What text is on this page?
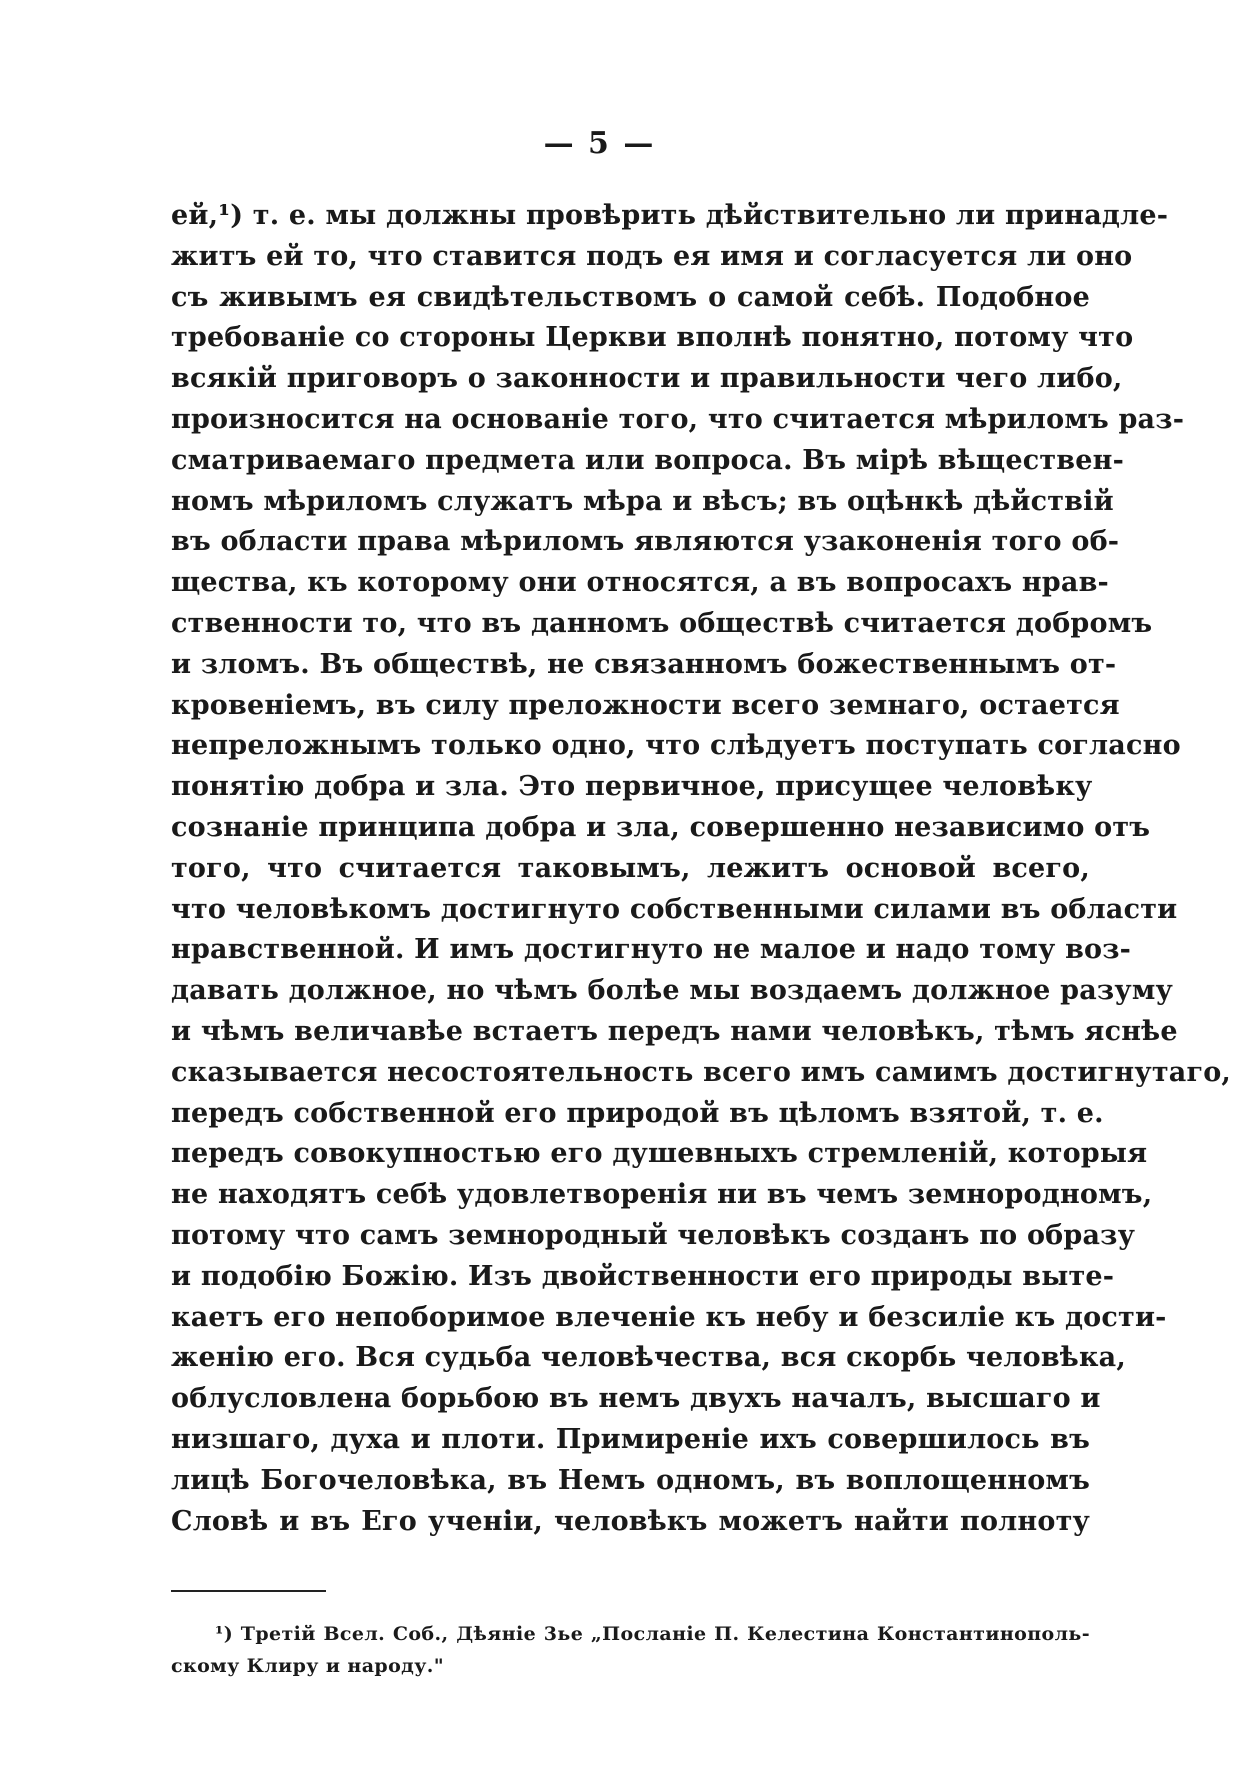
— 5 —
ей,¹) т. е. мы должны провѣрить дѣйствительно ли принадле-
житъ ей то, что ставится подъ ея имя и согласуется ли оно
съ живымъ ея свидѣтельствомъ о самой себѣ. Подобное
требованіе со стороны Церкви вполнѣ понятно, потому что
всякій приговоръ о законности и правильности чего либо,
произносится на основаніе того, что считается мѣриломъ раз-
сматриваемаго предмета или вопроса. Въ мірѣ вѣществен-
номъ мѣриломъ служатъ мѣра и вѣсъ; въ оцѣнкѣ дѣйствій
въ области права мѣриломъ являются узаконенія того об-
щества, къ которому они относятся, а въ вопросахъ нрав-
ственности то, что въ данномъ обществѣ считается добромъ
и зломъ. Въ обществѣ, не связанномъ божественнымъ от-
кровеніемъ, въ силу преложности всего земнаго, остается
непреложнымъ только одно, что слѣдуетъ поступать согласно
понятію добра и зла. Это первичное, присущее человѣку
сознаніе принципа добра и зла, совершенно независимо отъ
того, что считается таковымъ, лежитъ основой всего,
что человѣкомъ достигнуто собственными силами въ области
нравственной. И имъ достигнуто не малое и надо тому воз-
давать должное, но чѣмъ болѣе мы воздаемъ должное разуму
и чѣмъ величавѣе встаетъ передъ нами человѣкъ, тѣмъ яснѣе
сказывается несостоятельность всего имъ самимъ достигнутаго,
передъ собственной его природой въ цѣломъ взятой, т. е.
передъ совокупностью его душевныхъ стремленій, которыя
не находятъ себѣ удовлетворенія ни въ чемъ земнородномъ,
потому что самъ земнородный человѣкъ созданъ по образу
и подобію Божію. Изъ двойственности его природы выте-
каетъ его непоборимое влеченіе къ небу и безсиліе къ дости-
женію его. Вся судьба человѣчества, вся скорбь человѣка,
облусловлена борьбою въ немъ двухъ началъ, высшаго и
низшаго, духа и плоти. Примиреніе ихъ совершилось въ
лицѣ Богочеловѣка, въ Немъ одномъ, въ воплощенномъ
Словѣ и въ Его ученіи, человѣкъ можетъ найти полноту
¹) Третій Всел. Соб., Дѣяніе 3ье „Посланіе П. Келестина Константинополь-
скому Клиру и народу."
